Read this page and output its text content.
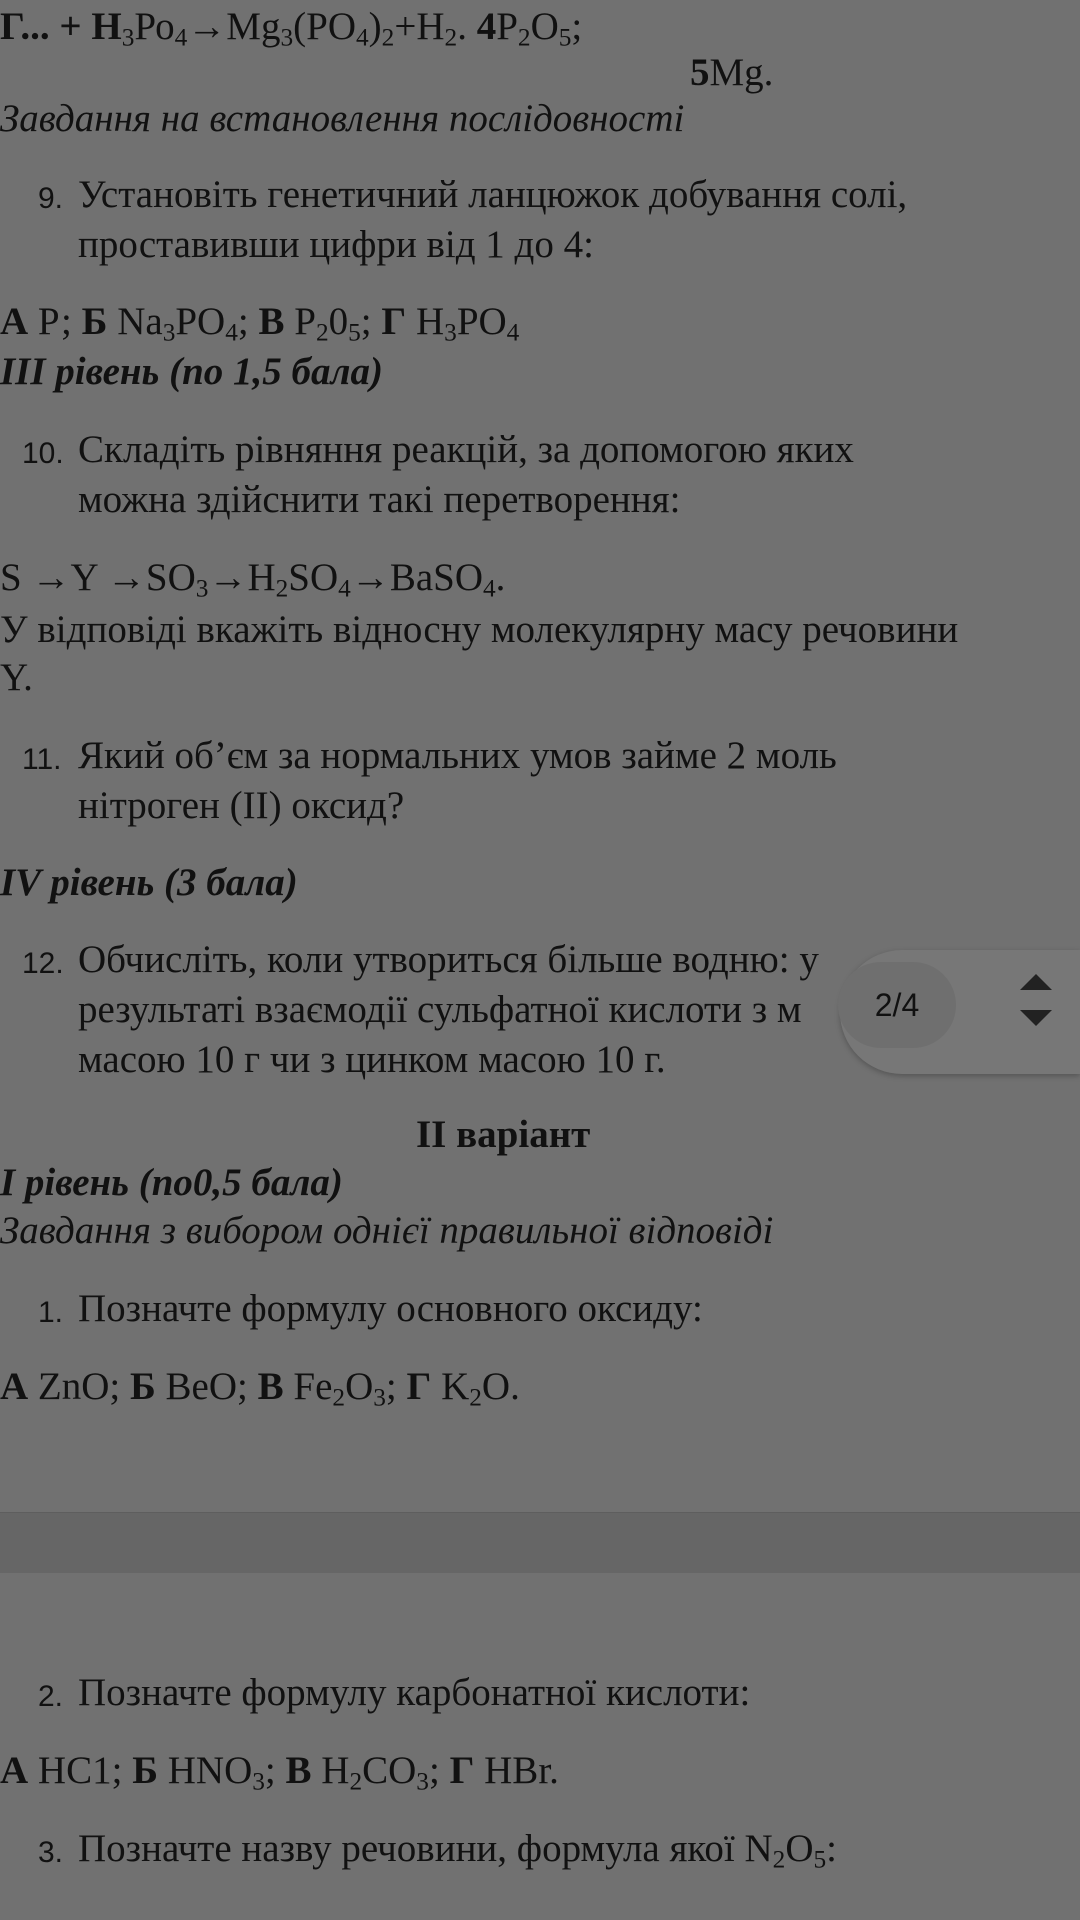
Г... + $Н_3Ро_4\to Mg_3(PO_4)_2+H_2$. $4P_2O_5$;
5Mg.
Завдання на встановлення послідовності
9. Установіть генетичний ланцюжок добування солі,
проставивши цифри від 1 до 4:
А Р; Б $Na_3PO_4$; В $P_20_5$; Г $H_3PO_4$
III рівень (по 1,5 бала)
10. Складіть рівняння реакцій, за допомогою яких
можна здійснити такі перетворення:
$S \to Y \to SO_3\to H_2SO_4\to BaSO_4$.
У відповіді вкажіть відносну молекулярну масу речовини
Y.
11. Який об’єм за нормальних умов займе 2 моль
нітроген (II) оксид?
IV рівень (3 бала)
12. Обчисліть, коли утвориться більше водню: у
результаті взаємодії сульфатної кислоти з м
масою 10 г чи з цинком масою 10 г.
II варіант
I рівень (по0,5 бала)
Завдання з вибором однієї правильної відповіді
1. Позначте формулу основного оксиду:
А ZnO; Б BeO; В $Fe_2O_3$; Г $K_2O$.
2. Позначте формулу карбонатної кислоти:
А HC1; Б $HNO_3$; В $H_2CO_3$; Г HBr.
3. Позначте назву речовини, формула якої $N_2O_5$:
2/4
